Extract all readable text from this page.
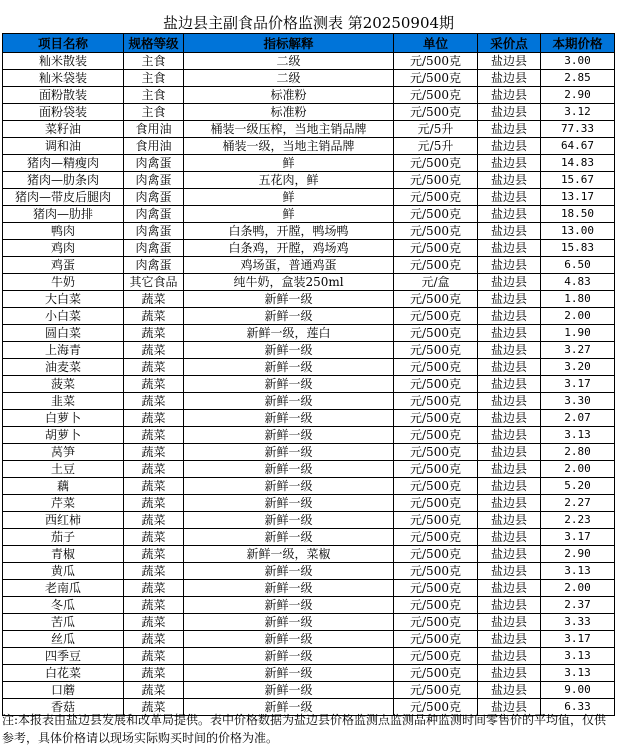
盐边县主副食品价格监测表 第20250904期
项目名称	规格等级	指标解释	单位	采价点	本期价格
籼米散装	主食	二级	元/500克	盐边县	3.00
籼米袋装	主食	二级	元/500克	盐边县	2.85
面粉散装	主食	标准粉	元/500克	盐边县	2.90
面粉袋装	主食	标准粉	元/500克	盐边县	3.12
菜籽油	食用油	桶装一级压榨，当地主销品牌	元/5升	盐边县	77.33
调和油	食用油	桶装一级，当地主销品牌	元/5升	盐边县	64.67
猪肉—精瘦肉	肉禽蛋	鲜	元/500克	盐边县	14.83
猪肉—肋条肉	肉禽蛋	五花肉，鲜	元/500克	盐边县	15.67
猪肉—带皮后腿肉	肉禽蛋	鲜	元/500克	盐边县	13.17
猪肉—肋排	肉禽蛋	鲜	元/500克	盐边县	18.50
鸭肉	肉禽蛋	白条鸭，开膛，鸭场鸭	元/500克	盐边县	13.00
鸡肉	肉禽蛋	白条鸡，开膛，鸡场鸡	元/500克	盐边县	15.83
鸡蛋	肉禽蛋	鸡场蛋，普通鸡蛋	元/500克	盐边县	6.50
牛奶	其它食品	纯牛奶，盒装250ml	元/盒	盐边县	4.83
大白菜	蔬菜	新鲜一级	元/500克	盐边县	1.80
小白菜	蔬菜	新鲜一级	元/500克	盐边县	2.00
圆白菜	蔬菜	新鲜一级，莲白	元/500克	盐边县	1.90
上海青	蔬菜	新鲜一级	元/500克	盐边县	3.27
油麦菜	蔬菜	新鲜一级	元/500克	盐边县	3.20
菠菜	蔬菜	新鲜一级	元/500克	盐边县	3.17
韭菜	蔬菜	新鲜一级	元/500克	盐边县	3.30
白萝卜	蔬菜	新鲜一级	元/500克	盐边县	2.07
胡萝卜	蔬菜	新鲜一级	元/500克	盐边县	3.13
莴笋	蔬菜	新鲜一级	元/500克	盐边县	2.80
土豆	蔬菜	新鲜一级	元/500克	盐边县	2.00
藕	蔬菜	新鲜一级	元/500克	盐边县	5.20
芹菜	蔬菜	新鲜一级	元/500克	盐边县	2.27
西红柿	蔬菜	新鲜一级	元/500克	盐边县	2.23
茄子	蔬菜	新鲜一级	元/500克	盐边县	3.17
青椒	蔬菜	新鲜一级，菜椒	元/500克	盐边县	2.90
黄瓜	蔬菜	新鲜一级	元/500克	盐边县	3.13
老南瓜	蔬菜	新鲜一级	元/500克	盐边县	2.00
冬瓜	蔬菜	新鲜一级	元/500克	盐边县	2.37
苦瓜	蔬菜	新鲜一级	元/500克	盐边县	3.33
丝瓜	蔬菜	新鲜一级	元/500克	盐边县	3.17
四季豆	蔬菜	新鲜一级	元/500克	盐边县	3.13
白花菜	蔬菜	新鲜一级	元/500克	盐边县	3.13
口蘑	蔬菜	新鲜一级	元/500克	盐边县	9.00
香菇	蔬菜	新鲜一级	元/500克	盐边县	6.33
注:本报表由盐边县发展和改革局提供。表中价格数据为盐边县价格监测点监测品种监测时间零售价的平均值，仅供参考，具体价格请以现场实际购买时间的价格为准。
